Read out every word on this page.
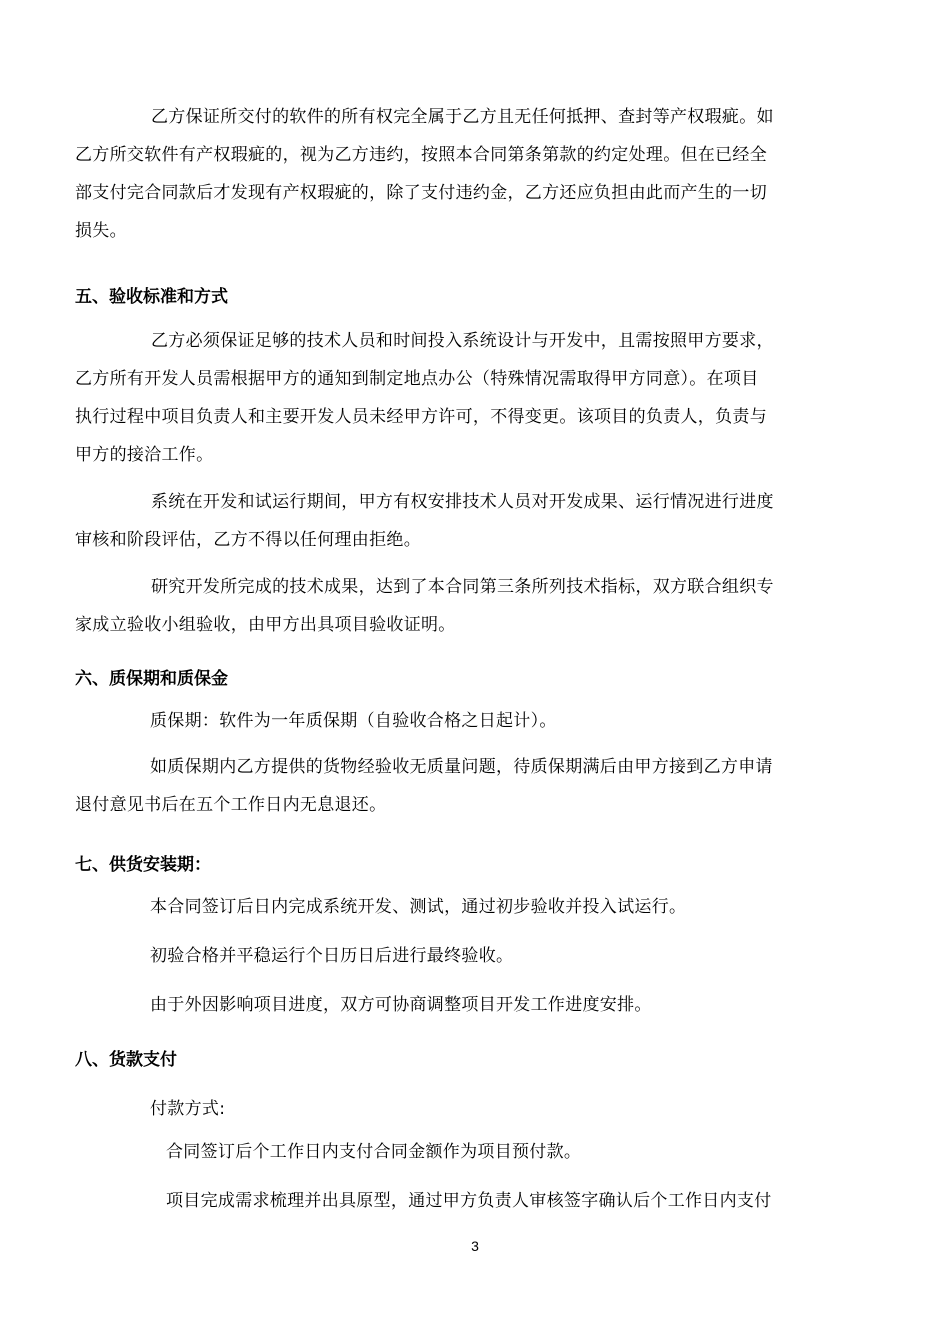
乙方保证所交付的软件的所有权完全属于乙方且无任何抵押、查封等产权瑕疵。如
乙方所交软件有产权瑕疵的，视为乙方违约，按照本合同第条第款的约定处理。但在已经全
部支付完合同款后才发现有产权瑕疵的，除了支付违约金，乙方还应负担由此而产生的一切
损失。

五、验收标准和方式

乙方必须保证足够的技术人员和时间投入系统设计与开发中，且需按照甲方要求，
乙方所有开发人员需根据甲方的通知到制定地点办公（特殊情况需取得甲方同意）。在项目
执行过程中项目负责人和主要开发人员未经甲方许可，不得变更。该项目的负责人，负责与
甲方的接洽工作。

系统在开发和试运行期间，甲方有权安排技术人员对开发成果、运行情况进行进度
审核和阶段评估，乙方不得以任何理由拒绝。

研究开发所完成的技术成果，达到了本合同第三条所列技术指标，双方联合组织专
家成立验收小组验收，由甲方出具项目验收证明。

六、质保期和质保金

质保期：软件为一年质保期（自验收合格之日起计）。

如质保期内乙方提供的货物经验收无质量问题，待质保期满后由甲方接到乙方申请
退付意见书后在五个工作日内无息退还。

七、供货安装期：

本合同签订后日内完成系统开发、测试，通过初步验收并投入试运行。

初验合格并平稳运行个日历日后进行最终验收。

由于外因影响项目进度，双方可协商调整项目开发工作进度安排。

八、货款支付

付款方式:

合同签订后个工作日内支付合同金额作为项目预付款。

项目完成需求梳理并出具原型，通过甲方负责人审核签字确认后个工作日内支付

3
